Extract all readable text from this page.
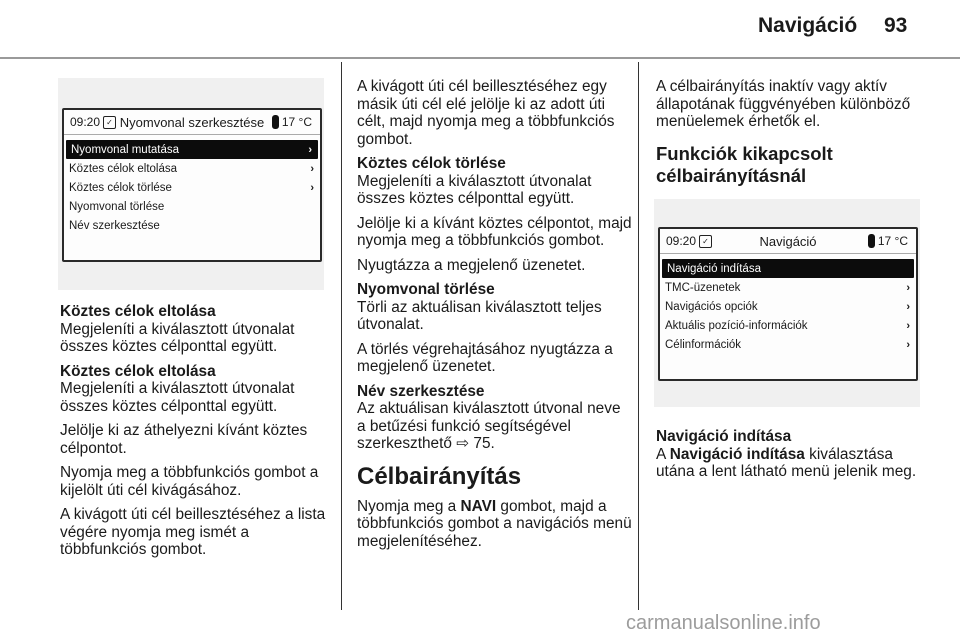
Navigáció 93
09:20 ✓ Nyomvonal szerkesztése	17 °C
Nyomvonal mutatása	›
Köztes célok eltolása	›
Köztes célok törlése	›
Nyomvonal törlése
Név szerkesztése
Köztes célok eltolása

Megjeleníti a kiválasztott útvonalat összes köztes célponttal együtt.

Köztes célok eltolása

Megjeleníti a kiválasztott útvonalat összes köztes célponttal együtt.

Jelölje ki az áthelyezni kívánt köztes célpontot.

Nyomja meg a többfunkciós gombot a kijelölt úti cél kivágásához.

A kivágott úti cél beillesztéséhez a lista végére nyomja meg ismét a többfunkciós gombot.

A kivágott úti cél beillesztéséhez egy másik úti cél elé jelölje ki az adott úti célt, majd nyomja meg a többfunkciós gombot.

Köztes célok törlése

Megjeleníti a kiválasztott útvonalat összes köztes célponttal együtt.

Jelölje ki a kívánt köztes célpontot, majd nyomja meg a többfunkciós gombot.

Nyugtázza a megjelenő üzenetet.

Nyomvonal törlése

Törli az aktuálisan kiválasztott teljes útvonalat.

A törlés végrehajtásához nyugtázza a megjelenő üzenetet.

Név szerkesztése

Az aktuálisan kiválasztott útvonal neve a betűzési funkció segítségével szerkeszthető ⇨ 75.

Célbairányítás

Nyomja meg a NAVI gombot, majd a többfunkciós gombot a navigációs menü megjelenítéséhez.

A célbairányítás inaktív vagy aktív állapotának függvényében különböző menüelemek érhetők el.

Funkciók kikapcsolt célbairányításnál
09:20 ✓	Navigáció	17 °C
Navigáció indítása
TMC-üzenetek	›
Navigációs opciók	›
Aktuális pozíció-információk	›
Célinformációk	›
Navigáció indítása

A Navigáció indítása kiválasztása utána a lent látható menü jelenik meg.

carmanualsonline.info
